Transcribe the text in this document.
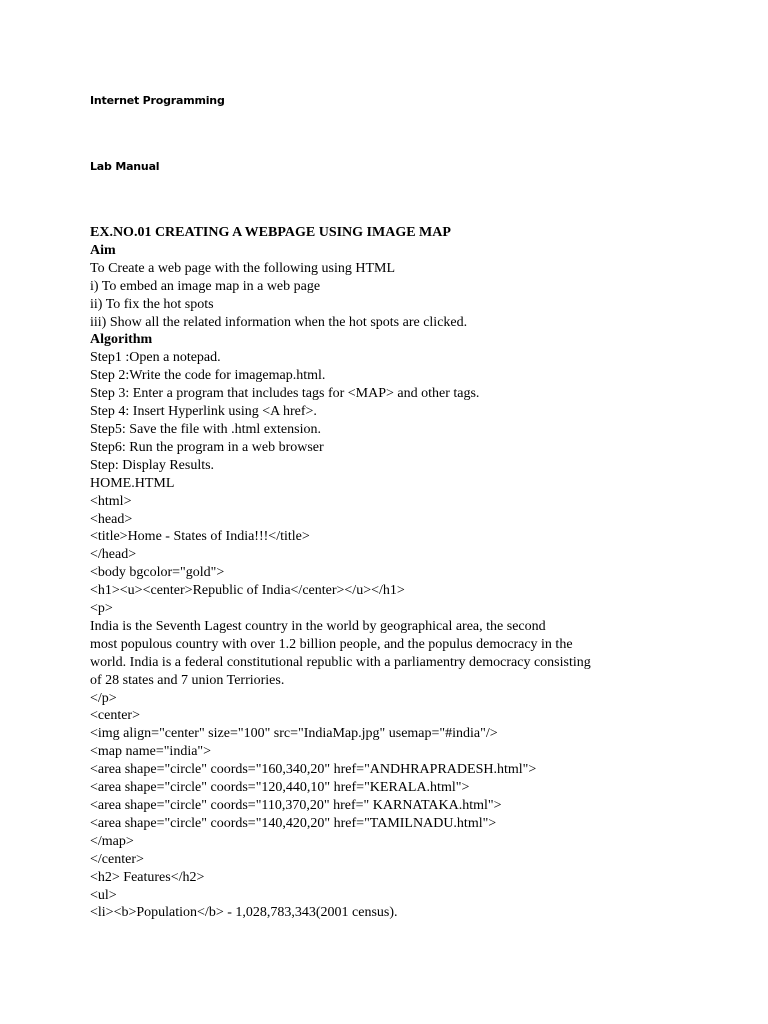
Internet Programming
Lab Manual
EX.NO.01 CREATING A WEBPAGE USING IMAGE MAP
Aim
To Create a web page with the following using HTML
i) To embed an image map in a web page
ii) To fix the hot spots
iii) Show all the related information when the hot spots are clicked.
Algorithm
Step1 :Open a notepad.
Step 2:Write the code for imagemap.html.
Step 3: Enter a program that includes tags for <MAP> and other tags.
Step 4: Insert Hyperlink using <A href>.
Step5: Save the file with .html extension.
Step6: Run the program in a web browser
Step: Display Results.
HOME.HTML
<html>
<head>
<title>Home - States of India!!!</title>
</head>
<body bgcolor="gold">
<h1><u><center>Republic of India</center></u></h1>
<p>
India is the Seventh Lagest country in the world by geographical area, the second
most populous country with over 1.2 billion people, and the populus democracy in the
world. India is a federal constitutional republic with a parliamentry democracy consisting
of 28 states and 7 union Terriories.
</p>
<center>
<img align="center" size="100" src="IndiaMap.jpg" usemap="#india"/>
<map name="india">
<area shape="circle" coords="160,340,20" href="ANDHRAPRADESH.html">
<area shape="circle" coords="120,440,10" href="KERALA.html">
<area shape="circle" coords="110,370,20" href=" KARNATAKA.html">
<area shape="circle" coords="140,420,20" href="TAMILNADU.html">
</map>
</center>
<h2> Features</h2>
<ul>
<li><b>Population</b> - 1,028,783,343(2001 census).
